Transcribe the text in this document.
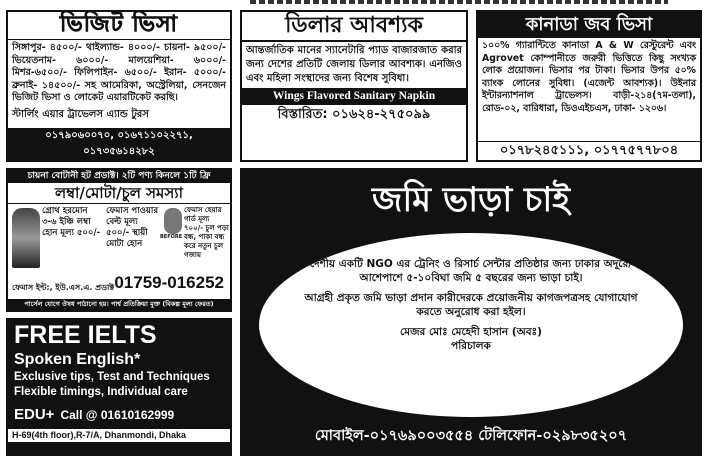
ভিজিট ভিসা
সিঙ্গাপুর- ৪৫০০/- থাইল্যান্ড- ৪০০০/- চায়না- ৯৫০০/- ভিয়েতনাম- ৬০০০/- মালয়েশিয়া- ৬০০০/- মিশর-৬৫০০/- ফিলিপাইন- ৬৫০০/- ইরান- ৫০০০/- ব্রুনাই- ১৪৫০০/- সহ আমেরিকা, অস্ট্রেলিয়া, সেনজেন ভিজিট ভিসা ও লোকেট এয়ারটিকেট করছি।
স্টার্লিং এয়ার ট্রাভেলস এ্যান্ড টুরস
০১৭৯০৬০০৭০, ০১৬৭১১০২২৭১, ০১৭৩৫৬১৪২৮২
ডিলার আবশ্যক
আন্তর্জাতিক মানের স্যানেটারি প্যাড বাজারজাত করার জন্য দেশের প্রতিটি জেলায় ডিলার আবশ্যক। এনজিও এবং মহিলা সংস্থাদের জন্য বিশেষ সুবিধা।
Wings Flavored Sanitary Napkin
বিস্তারিত: ০১৬২৪-২৭৫০৯৯
কানাডা জব ভিসা
১০০% গ্যারান্টিতে কানাডা A & W রেস্টুরেন্ট এবং Agrovet কোম্পানীতে জরুরী ভিত্তিতে কিছু সংখ্যক লোক প্রয়োজন। ভিসার পর টাকা। ভিসার উপর ৫০% ব্যাংক লোনের সুবিধা। (এজেন্ট আবশ্যক)। উইনার ইন্টারন্যাশনাল ট্রাভেলস। বাড়ী-২১৪(৭ম-তলা), রোড-০২, বারিধারা, ডিওএইচএস, ঢাকা- ১২০৬।
০১৭৮২৪৫১১১, ০১৭৭৫৭৭৮০৪
চায়না বোটানী হট প্রডাক্ট। ২টি পণ্য কিনলে ১টি ফ্রি
লম্বা/মোটা/চুল সমস্যা
গ্রোথ হরমোন ৩-৬ ইঞ্চি লম্বা হোন মূল্য ৫০০/-
ফেমাস পাওয়ার বেল্ট মূল্য ৫০০/- স্থায়ী মোটা হোন
BEFORE
ফেমাস হেয়ার গার্ড মূল্য ৭০০/- চুল পড়া বন্ধ, পাকা বন্ধ করে নতুন চুল গজায়
ফেমাস ইন্ট:, ইউ.এস.এ. প্রডাক্ট 01759-016252
পার্সেল যোগে ঔষধ পাঠানো হয়। পার্শ্ব প্রতিক্রিয়া মুক্ত (বিকল্প মূল্য ফেরত)
FREE IELTS
Spoken English*
Exclusive tips, Test and Techniques
Flexible timings, Individual care
EDU+ Call @ 01610162999
H-69(4th floor),R-7/A, Dhanmondi, Dhaka
জমি ভাড়া চাই
দেশীয় একটি NGO এর ট্রেনিং ও রিসার্চ সেন্টার প্রতিষ্ঠার জন্য ঢাকার অদূরে/ আশেপাশে ৫-১০বিঘা জমি ৫ বছরের জন্য ভাড়া চাই।
আগ্রহী প্রকৃত জমি ভাড়া প্রদান কারীদেরকে প্রয়োজনীয় কাগজপত্রসহ যোগাযোগ করতে অনুরোধ করা হইল।
মেজর মোঃ মেহেদী হাসান (অবঃ)
পরিচালক
মোবাইল-০১৭৬৯০০৩৫৫৪ টেলিফোন-০২৯৮৩৫২০৭
